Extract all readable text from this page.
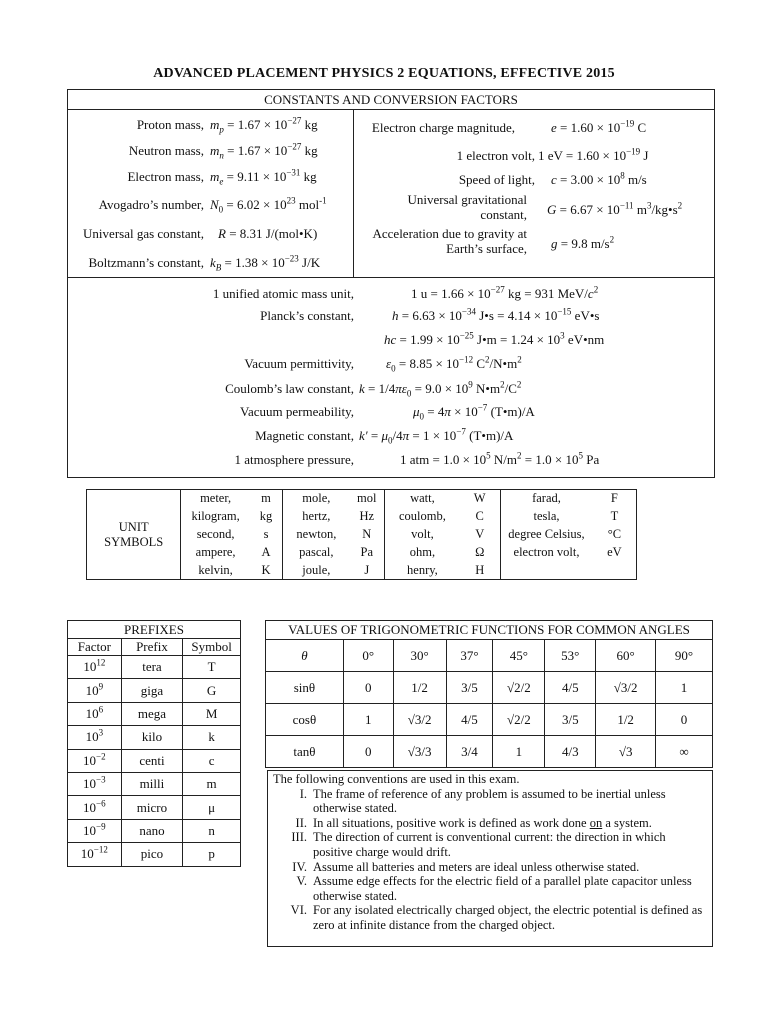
ADVANCED PLACEMENT PHYSICS 2 EQUATIONS, EFFECTIVE 2015
CONSTANTS AND CONVERSION FACTORS
Proton mass, $m_p = 1.67 \times 10^{-27}$ kg
Neutron mass, $m_n = 1.67 \times 10^{-27}$ kg
Electron mass, $m_e = 9.11 \times 10^{-31}$ kg
Avogadro’s number, $N_0 = 6.02 \times 10^{23}$ mol$^{-1}$
Universal gas constant, R = 8.31 J/(mol•K)
Boltzmann’s constant, $k_B = 1.38 \times 10^{-23}$ J/K
Electron charge magnitude,	$e = 1.60 \times 10^{-19}$ C
1 electron volt, 1 eV = $1.60 \times 10^{-19}$ J
Speed of light, $c = 3.00 \times 10^8$ m/s
Universal gravitational constant, $G = 6.67 \times 10^{-11}$ $m^3/kg•s^2$
Acceleration due to gravity at Earth’s surface, g = 9.8 $m/s^2$
1 unified atomic mass unit,	1 $u = 1.66 \times 10^{-27}$ kg = 931 MeV/$c^2$
Planck’s constant,	$h = 6.63 \times 10^{-34}$ J•s = $4.14 \times 10^{-15}$ eV•s
hc = $1.99 \times 10^{-25}$ J•m = $1.24 \times 10^3$ eV•nm
Vacuum permittivity, $\varepsilon_0 = 8.85 \times 10^{-12}$ $C^2/N•m^2$
Coulomb’s law constant, $k = 1/4\pi\varepsilon_0 = 9.0 \times 10^9$ $N•m^2/C^2$
Vacuum permeability,	$\mu_0 = 4\pi \times 10^{-7}$ (T•m)/A
Magnetic constant, $k' = \mu_0/4\pi = 1 \times 10^{-7}$ (T•m)/A
1 atmosphere pressure,	1 atm = $1.0 \times 10^5$ $N/m^2 = 1.0 \times 10^5$ Pa
UNIT
SYMBOLS	meter,	m	mole,	mol	watt,	W	farad,	F
	kilogram,	kg	hertz,	Hz	coulomb,	C	tesla,	T
	second,	s	newton,	N	volt,	V	degree Celsius,	°C
	ampere,	A	pascal,	Pa	ohm,	Ω	electron volt,	eV
	kelvin,	K	joule,	J	henry,	H		
PREFIXES		
Factor	Prefix	Symbol
$10^{12}$	tera	T
$10^9$	giga	G
$10^6$	mega	M
$10^3$	kilo	k
$10^{-2}$	centi	c
$10^{-3}$	milli	m
$10^{-6}$	micro	μ
$10^{-9}$	nano	n
$10^{-12}$	pico	p
VALUES OF TRIGONOMETRIC FUNCTIONS FOR COMMON ANGLES							
θ	0°	30°	37°	45°	53°	60°	90°
sinθ	0	1/2	3/5	√2/2	4/5	√3/2	1
cosθ	1	√3/2	4/5	√2/2	3/5	1/2	0
tanθ	0	√3/3	3/4	1	4/3	√3	∞
The following conventions are used in this exam.
I. The frame of reference of any problem is assumed to be inertial unless otherwise stated.
II. In all situations, positive work is defined as work done on a system.
III. The direction of current is conventional current: the direction in which positive charge would drift.
IV. Assume all batteries and meters are ideal unless otherwise stated.
V. Assume edge effects for the electric field of a parallel plate capacitor unless otherwise stated.
VI. For any isolated electrically charged object, the electric potential is defined as zero at infinite distance from the charged object.
